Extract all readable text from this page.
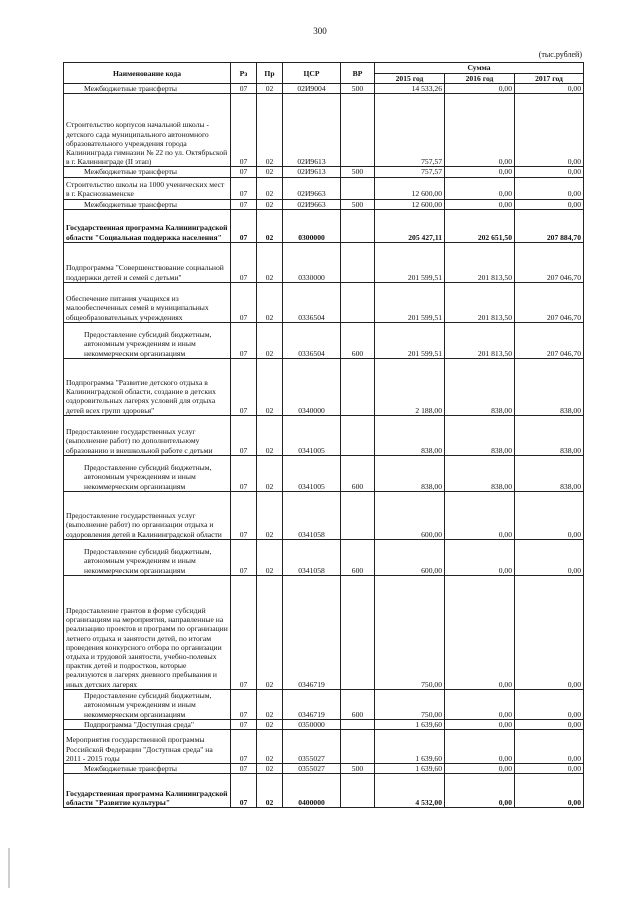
300
(тыс.рублей)
Наименование кода	Рз	Пр	ЦСР	ВР	Сумма		
					2015 год	2016 год	2017 год
Межбюджетные трансферты	07	02	02И9004	500	14 533,26	0,00	0,00
Строительство корпусов начальной школы - детского сада муниципального автономного образовательного учреждения города Калининграда гимназии № 22 по ул. Октябрьской в г. Калининграде (II этап)	07	02	02И9613		757,57	0,00	0,00
Межбюджетные трансферты	07	02	02И9613	500	757,57	0,00	0,00
Строительство школы на 1000 ученических мест в г. Краснознаменске	07	02	02И9663		12 600,00	0,00	0,00
Межбюджетные трансферты	07	02	02И9663	500	12 600,00	0,00	0,00
Государственная программа Калининградской области "Социальная поддержка населения"	07	02	0300000		205 427,11	202 651,50	207 884,70
Подпрограмма "Совершенствование социальной поддержки детей и семей с детьми"	07	02	0330000		201 599,51	201 813,50	207 046,70
Обеспечение питания учащихся из малообеспеченных семей в муниципальных общеобразовательных учреждениях	07	02	0336504		201 599,51	201 813,50	207 046,70
Предоставление субсидий бюджетным, автономным учреждениям и иным некоммерческим организациям	07	02	0336504	600	201 599,51	201 813,50	207 046,70
Подпрограмма "Развитие детского отдыха в Калининградской области, создание в детских оздоровительных лагерях условий для отдыха детей всех групп здоровья"	07	02	0340000		2 188,00	838,00	838,00
Предоставление государственных услуг (выполнение работ) по дополнительному образованию и внешкольной работе с детьми	07	02	0341005		838,00	838,00	838,00
Предоставление субсидий бюджетным, автономным учреждениям и иным некоммерческим организациям	07	02	0341005	600	838,00	838,00	838,00
Предоставление государственных услуг (выполнение работ) по организации отдыха и оздоровления детей в Калининградской области	07	02	0341058		600,00	0,00	0,00
Предоставление субсидий бюджетным, автономным учреждениям и иным некоммерческим организациям	07	02	0341058	600	600,00	0,00	0,00
Предоставление грантов в форме субсидий организациям на мероприятия, направленные на реализацию проектов и программ по организации летнего отдыха и занятости детей, по итогам проведения конкурсного отбора по организации отдыха и трудовой занятости, учебно-полевых практик детей и подростков, которые реализуются в лагерях дневного пребывания и иных детских лагерях	07	02	0346719		750,00	0,00	0,00
Предоставление субсидий бюджетным, автономным учреждениям и иным некоммерческим организациям	07	02	0346719	600	750,00	0,00	0,00
Подпрограмма "Доступная среда"	07	02	0350000		1 639,60	0,00	0,00
Мероприятия государственной программы Российской Федерации "Доступная среда" на 2011 - 2015 годы	07	02	0355027		1 639,60	0,00	0,00
Межбюджетные трансферты	07	02	0355027	500	1 639,60	0,00	0,00
Государственная программа Калининградской области "Развитие культуры"	07	02	0400000		4 532,00	0,00	0,00
